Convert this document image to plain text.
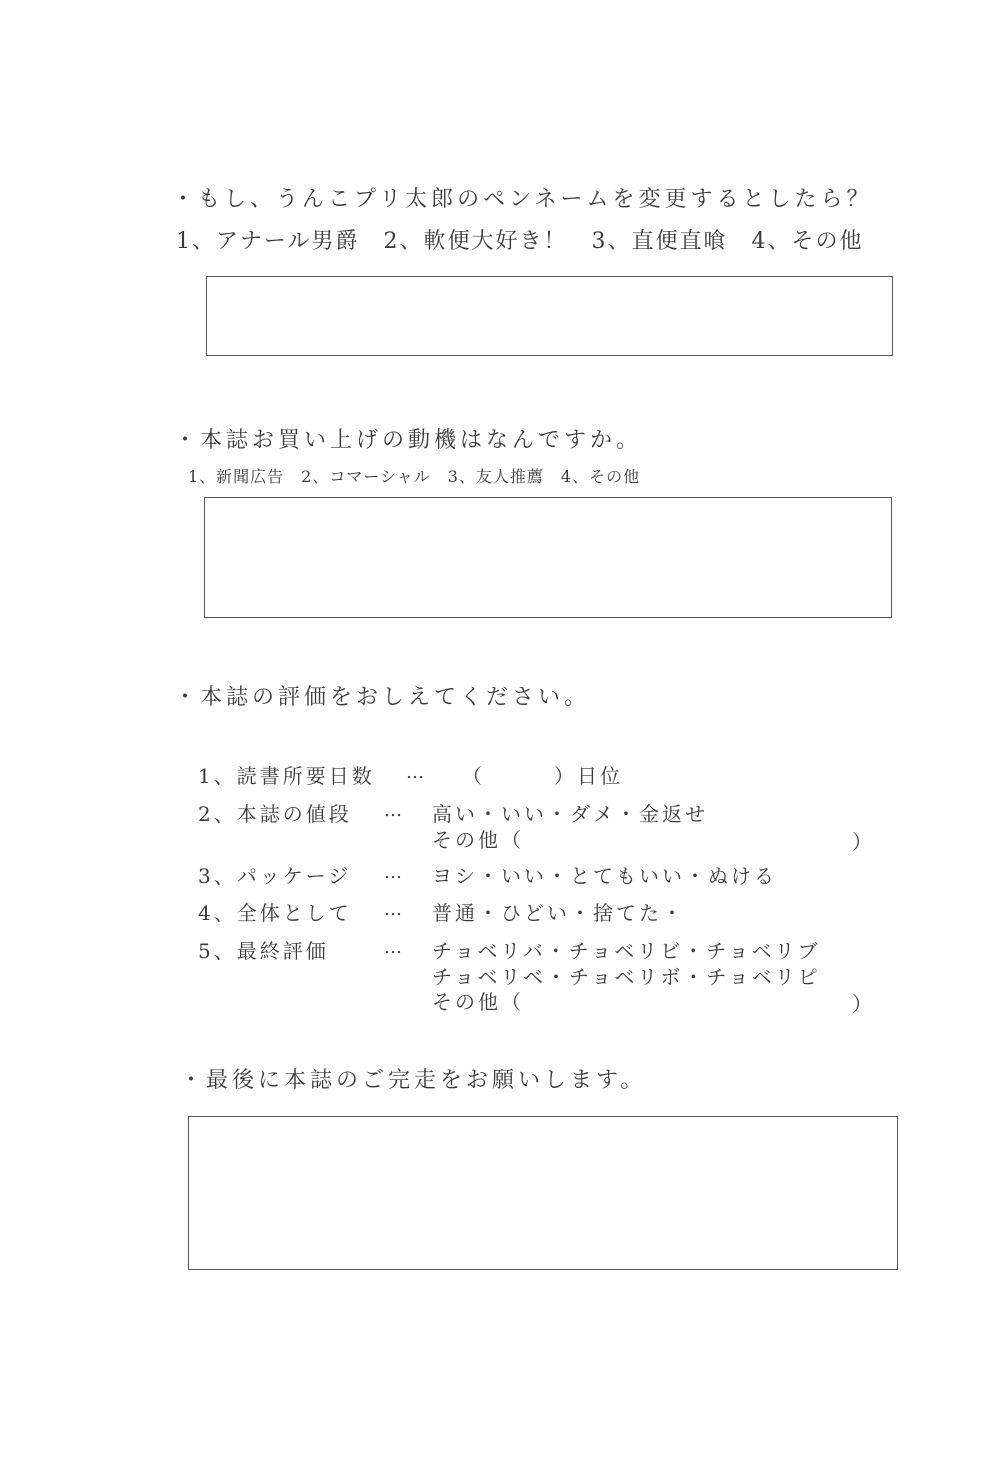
・もし、うんこプリ太郎のペンネームを変更するとしたら？
1、アナール男爵　2、軟便大好き！　3、直便直喰　4、その他
・本誌お買い上げの動機はなんですか。
1、新聞広告　2、コマーシャル　3、友人推薦　4、その他
・本誌の評価をおしえてください。
1、読書所要日数 … （　　　）日位
2、本誌の値段 … 高い・いい・ダメ・金返せ
その他（	）
3、パッケージ … ヨシ・いい・とてもいい・ぬける
4、全体として … 普通・ひどい・捨てた・
5、最終評価	… チョベリバ・チョベリビ・チョベリブ
チョベリベ・チョベリボ・チョベリピ
その他（	）
・最後に本誌のご完走をお願いします。
